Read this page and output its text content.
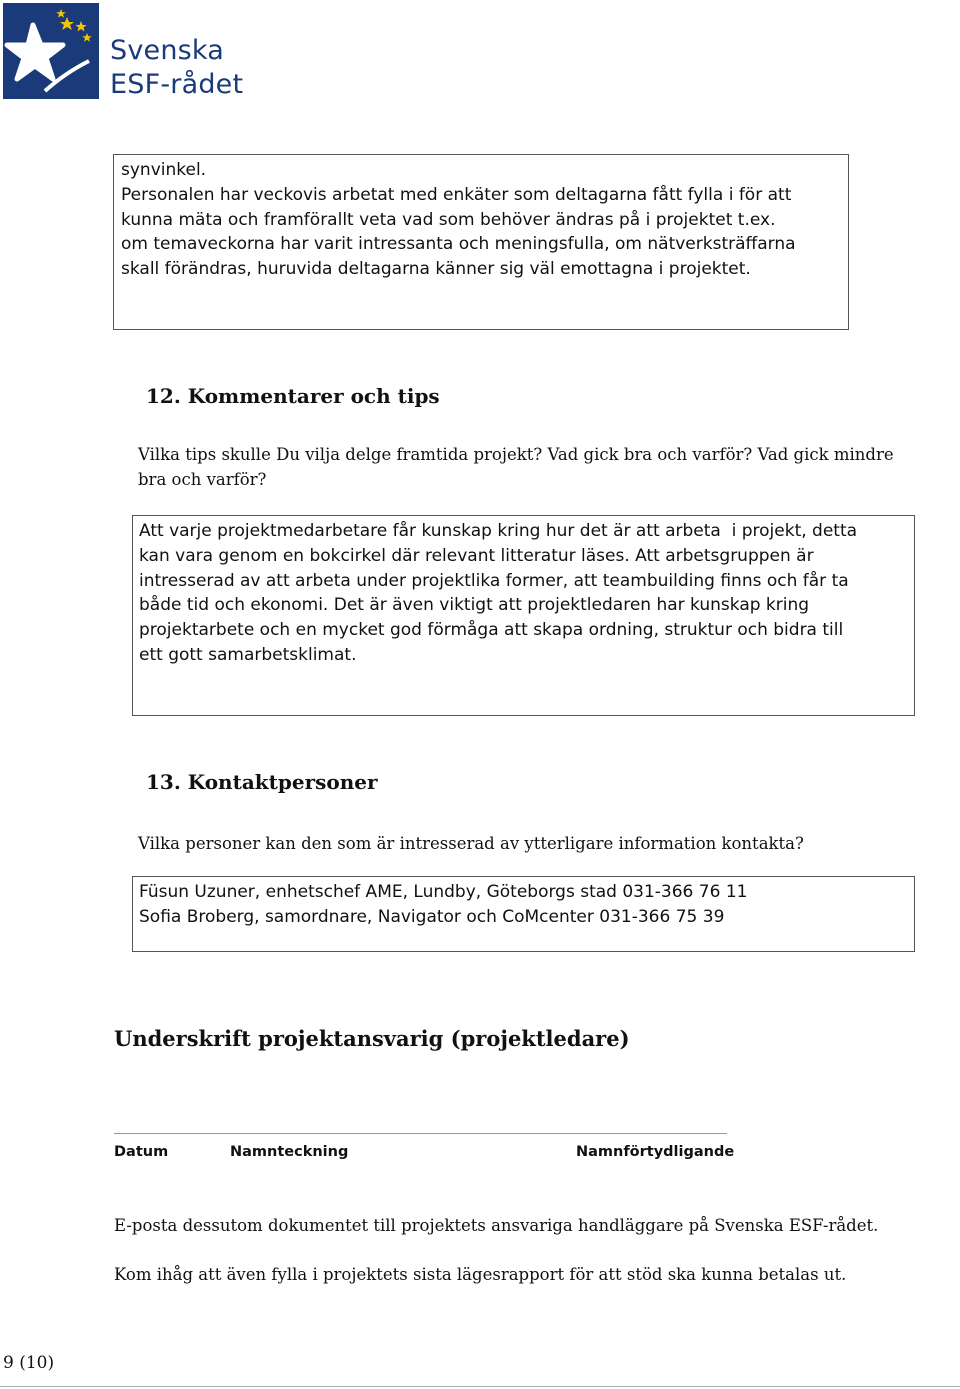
Svenska
ESF-rådet

synvinkel.

Personalen har veckovis arbetat med enkäter som deltagarna fått fylla i för att

kunna mäta och framförallt veta vad som behöver ändras på i projektet t.ex.

om temaveckorna har varit intressanta och meningsfulla, om nätverksträffarna

skall förändras, huruvida deltagarna känner sig väl emottagna i projektet.

12. Kommentarer och tips
Vilka tips skulle Du vilja delge framtida projekt? Vad gick bra och varför? Vad gick mindre bra och varför?

Att varje projektmedarbetare får kunskap kring hur det är att arbeta  i projekt, detta

kan vara genom en bokcirkel där relevant litteratur läses. Att arbetsgruppen är

intresserad av att arbeta under projektlika former, att teambuilding finns och får ta

både tid och ekonomi. Det är även viktigt att projektledaren har kunskap kring

projektarbete och en mycket god förmåga att skapa ordning, struktur och bidra till

ett gott samarbetsklimat.

13. Kontaktpersoner
Vilka personer kan den som är intresserad av ytterligare information kontakta?

Füsun Uzuner, enhetschef AME, Lundby, Göteborgs stad 031-366 76 11

Sofia Broberg, samordnare, Navigator och CoMcenter 031-366 75 39

Underskrift projektansvarig (projektledare)
Datum	Namnteckning	Namnförtydligande
E-posta dessutom dokumentet till projektets ansvariga handläggare på Svenska ESF-rådet.
Kom ihåg att även fylla i projektets sista lägesrapport för att stöd ska kunna betalas ut.
9 (10)
